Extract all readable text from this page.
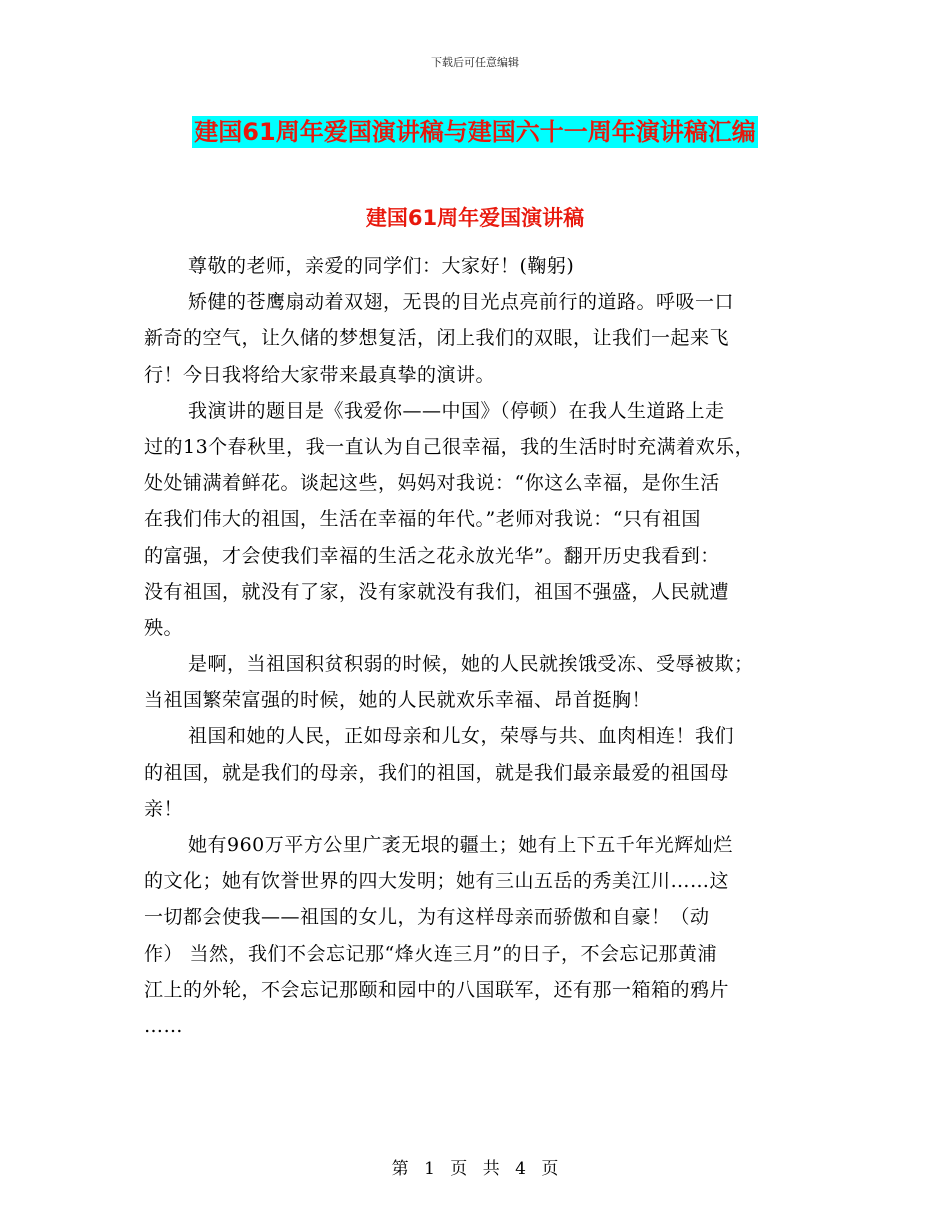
下载后可任意编辑
建国61周年爱国演讲稿与建国六十一周年演讲稿汇编
建国61周年爱国演讲稿
尊敬的老师，亲爱的同学们：大家好！(鞠躬)
矫健的苍鹰扇动着双翅，无畏的目光点亮前行的道路。呼吸一口
新奇的空气，让久储的梦想复活，闭上我们的双眼，让我们一起来飞
行！今日我将给大家带来最真挚的演讲。
我演讲的题目是《我爱你——中国》（停顿）在我人生道路上走
过的13个春秋里，我一直认为自己很幸福，我的生活时时充满着欢乐，
处处铺满着鲜花。谈起这些，妈妈对我说：“你这么幸福，是你生活
在我们伟大的祖国，生活在幸福的年代。”老师对我说：“只有祖国
的富强，才会使我们幸福的生活之花永放光华”。翻开历史我看到：
没有祖国，就没有了家，没有家就没有我们，祖国不强盛，人民就遭
殃。
是啊，当祖国积贫积弱的时候，她的人民就挨饿受冻、受辱被欺；
当祖国繁荣富强的时候，她的人民就欢乐幸福、昂首挺胸！
祖国和她的人民，正如母亲和儿女，荣辱与共、血肉相连！我们
的祖国，就是我们的母亲，我们的祖国，就是我们最亲最爱的祖国母
亲！
她有960万平方公里广袤无垠的疆土；她有上下五千年光辉灿烂
的文化；她有饮誉世界的四大发明；她有三山五岳的秀美江川……这
一切都会使我——祖国的女儿，为有这样母亲而骄傲和自豪！（动
作） 当然，我们不会忘记那“烽火连三月”的日子，不会忘记那黄浦
江上的外轮，不会忘记那颐和园中的八国联军，还有那一箱箱的鸦片
……
第 1 页 共 4 页
